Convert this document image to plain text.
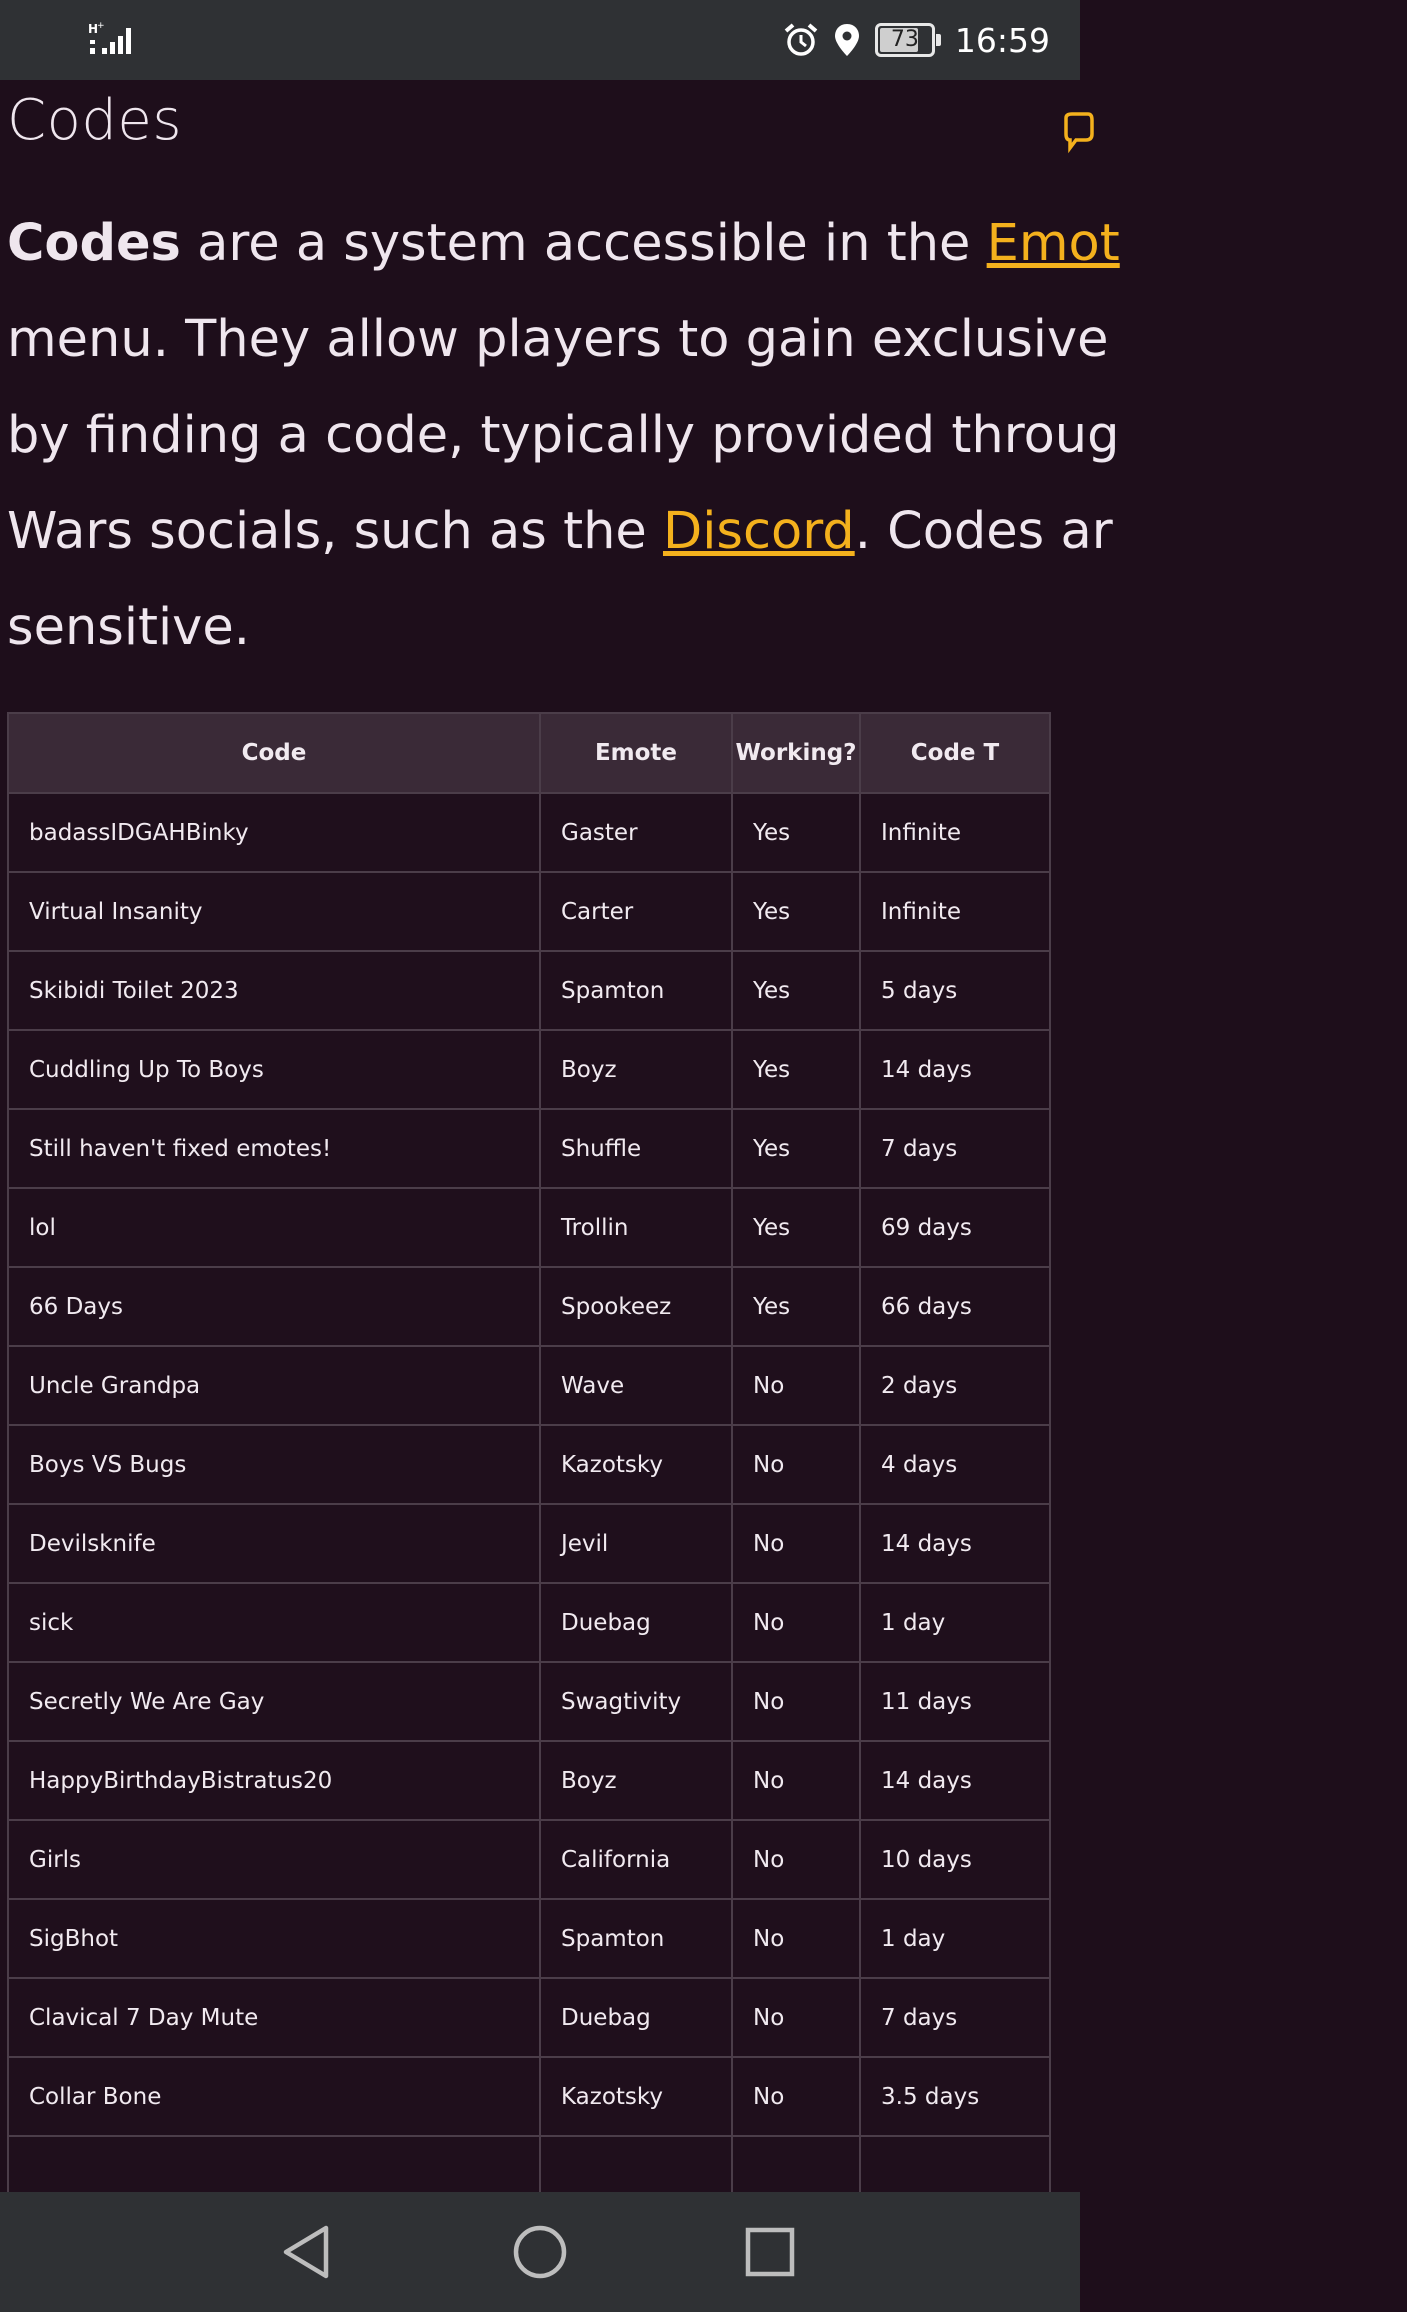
H
+
73	16:59
Codes

Codes are a system accessible in the Emot
menu. They allow players to gain exclusive
by finding a code, typically provided throug
Wars socials, such as the Discord. Codes ar
sensitive.

Code	Emote	Working?	Code T
badassIDGAHBinky	Gaster	Yes	Infinite
Virtual Insanity	Carter	Yes	Infinite
Skibidi Toilet 2023	Spamton	Yes	5 days
Cuddling Up To Boys	Boyz	Yes	14 days
Still haven't fixed emotes!	Shuffle	Yes	7 days
lol	Trollin	Yes	69 days
66 Days	Spookeez	Yes	66 days
Uncle Grandpa	Wave	No	2 days
Boys VS Bugs	Kazotsky	No	4 days
Devilsknife	Jevil	No	14 days
sick	Duebag	No	1 day
Secretly We Are Gay	Swagtivity	No	11 days
HappyBirthdayBistratus20	Boyz	No	14 days
Girls	California	No	10 days
SigBhot	Spamton	No	1 day
Clavical 7 Day Mute	Duebag	No	7 days
Collar Bone	Kazotsky	No	3.5 days
